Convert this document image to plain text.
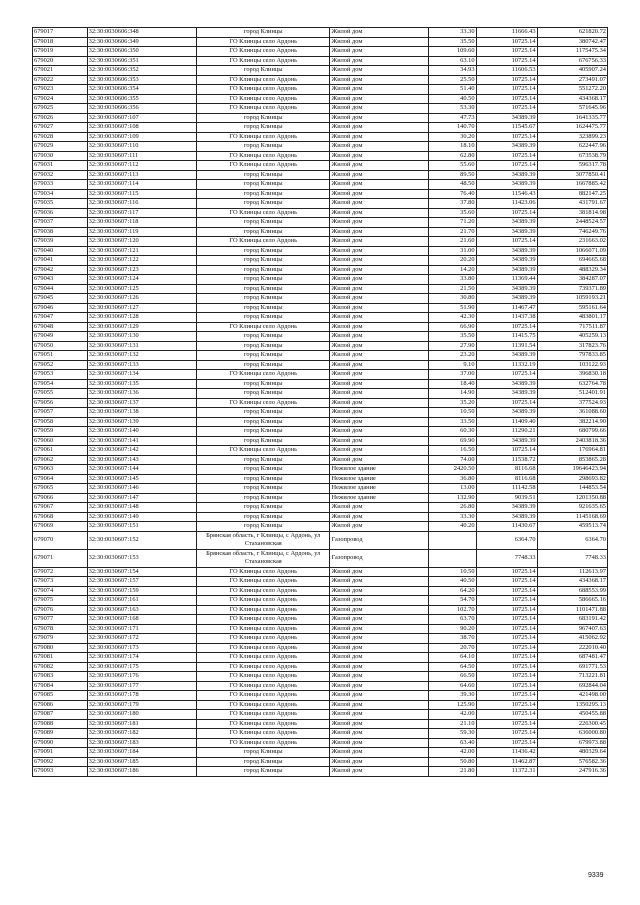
679017	32:30:0030606:348	город Клинцы	Жилой дом	33.30	11666.43	621820.72
679018	32:30:0030606:349	ГО Клинцы село Ардонь	Жилой дом	35.50	10725.14	380742.47
679019	32:30:0030606:350	ГО Клинцы село Ардонь	Жилой дом	109.60	10725.14	1175475.34
679020	32:30:0030606:351	ГО Клинцы село Ардонь	Жилой дом	63.10	10725.14	676756.33
679021	32:30:0030606:352	город Клинцы	Жилой дом	34.93	11606.53	405907.24
679022	32:30:0030606:353	ГО Клинцы село Ардонь	Жилой дом	25.50	10725.14	273491.07
679023	32:30:0030606:354	ГО Клинцы село Ардонь	Жилой дом	51.40	10725.14	551272.20
679024	32:30:0030606:355	ГО Клинцы село Ардонь	Жилой дом	40.50	10725.14	434368.17
679025	32:30:0030606:356	ГО Клинцы село Ардонь	Жилой дом	53.30	10725.14	571645.96
679026	32:30:0030607:107	город Клинцы	Жилой дом	47.73	34389.39	1641335.77
679027	32:30:0030607:108	город Клинцы	Жилой дом	140.70	11545.67	1624475.77
679028	32:30:0030607:109	ГО Клинцы село Ардонь	Жилой дом	30.20	10725.14	323899.23
679029	32:30:0030607:110	город Клинцы	Жилой дом	18.10	34389.39	622447.96
679030	32:30:0030607:111	ГО Клинцы село Ардонь	Жилой дом	62.80	10725.14	673538.79
679031	32:30:0030607:112	ГО Клинцы село Ардонь	Жилой дом	55.60	10725.14	596317.78
679032	32:30:0030607:113	город Клинцы	Жилой дом	89.50	34389.39	3077850.41
679033	32:30:0030607:114	город Клинцы	Жилой дом	48.50	34389.39	1667885.42
679034	32:30:0030607:115	город Клинцы	Жилой дом	76.40	11546.43	882147.25
679035	32:30:0030607:116	город Клинцы	Жилой дом	37.80	11423.06	431791.67
679036	32:30:0030607:117	ГО Клинцы село Ардонь	Жилой дом	35.60	10725.14	381814.98
679037	32:30:0030607:118	город Клинцы	Жилой дом	71.20	34389.39	2448524.57
679038	32:30:0030607:119	город Клинцы	Жилой дом	21.70	34389.39	746249.76
679039	32:30:0030607:120	ГО Клинцы село Ардонь	Жилой дом	21.60	10725.14	231663.02
679040	32:30:0030607:121	город Клинцы	Жилой дом	31.00	34389.39	1066071.09
679041	32:30:0030607:122	город Клинцы	Жилой дом	20.20	34389.39	694665.68
679042	32:30:0030607:123	город Клинцы	Жилой дом	14.20	34389.39	488329.34
679043	32:30:0030607:124	город Клинцы	Жилой дом	33.80	11369.44	384287.07
679044	32:30:0030607:125	город Клинцы	Жилой дом	21.50	34389.39	739371.89
679045	32:30:0030607:126	город Клинцы	Жилой дом	30.80	34389.39	1059193.21
679046	32:30:0030607:127	город Клинцы	Жилой дом	51.90	11467.47	595161.64
679047	32:30:0030607:128	город Клинцы	Жилой дом	42.30	11437.38	483801.17
679048	32:30:0030607:129	ГО Клинцы село Ардонь	Жилой дом	66.90	10725.14	717511.87
679049	32:30:0030607:130	город Клинцы	Жилой дом	35.50	11415.75	405259.13
679050	32:30:0030607:131	город Клинцы	Жилой дом	27.90	11391.54	317823.76
679051	32:30:0030607:132	город Клинцы	Жилой дом	23.20	34389.39	797833.85
679052	32:30:0030607:133	город Клинцы	Жилой дом	9.10	11332.19	103122.93
679053	32:30:0030607:134	ГО Клинцы село Ардонь	Жилой дом	37.00	10725.14	396830.18
679054	32:30:0030607:135	город Клинцы	Жилой дом	18.40	34389.39	632764.78
679055	32:30:0030607:136	город Клинцы	Жилой дом	14.90	34389.39	512401.91
679056	32:30:0030607:137	ГО Клинцы село Ардонь	Жилой дом	35.20	10725.14	377524.93
679057	32:30:0030607:138	город Клинцы	Жилой дом	10.50	34389.39	361088.60
679058	32:30:0030607:139	город Клинцы	Жилой дом	33.50	11409.40	382214.90
679059	32:30:0030607:140	город Клинцы	Жилой дом	60.30	11290.21	680799.66
679060	32:30:0030607:141	город Клинцы	Жилой дом	69.90	34389.39	2403818.36
679061	32:30:0030607:142	ГО Клинцы село Ардонь	Жилой дом	16.50	10725.14	176964.81
679062	32:30:0030607:143	город Клинцы	Жилой дом	74.00	11538.72	853865.28
679063	32:30:0030607:144	город Клинцы	Нежилое здание	2420.50	8116.68	19646423.94
679064	32:30:0030607:145	город Клинцы	Нежилое здание	36.80	8116.68	298693.82
679065	32:30:0030607:146	город Клинцы	Нежилое здание	13.00	11142.58	144853.54
679066	32:30:0030607:147	город Клинцы	Нежилое здание	132.90	9039.51	1201350.88
679067	32:30:0030607:148	город Клинцы	Жилой дом	26.80	34389.39	921635.65
679068	32:30:0030607:149	город Клинцы	Жилой дом	33.30	34389.39	1145168.69
679069	32:30:0030607:151	город Клинцы	Жилой дом	40.20	11430.67	459513.74
679070	32:30:0030607:152	Брянская область, г Клинцы, с Ардонь, ул Стахановская	Газопровод		6364.70	6364.70
679071	32:30:0030607:153	Брянская область, г Клинцы, с Ардонь, ул Стахановская	Газопровод		7748.33	7748.33
679072	32:30:0030607:154	ГО Клинцы село Ардонь	Жилой дом	10.50	10725.14	112613.97
679073	32:30:0030607:157	ГО Клинцы село Ардонь	Жилой дом	40.50	10725.14	434368.17
679074	32:30:0030607:159	ГО Клинцы село Ардонь	Жилой дом	64.20	10725.14	688553.99
679075	32:30:0030607:161	ГО Клинцы село Ардонь	Жилой дом	54.70	10725.14	586665.16
679076	32:30:0030607:163	ГО Клинцы село Ардонь	Жилой дом	102.70	10725.14	1101471.88
679077	32:30:0030607:168	ГО Клинцы село Ардонь	Жилой дом	63.70	10725.14	683191.42
679078	32:30:0030607:171	ГО Клинцы село Ардонь	Жилой дом	90.20	10725.14	967407.63
679079	32:30:0030607:172	ГО Клинцы село Ардонь	Жилой дом	38.70	10725.14	415062.92
679080	32:30:0030607:173	ГО Клинцы село Ардонь	Жилой дом	20.70	10725.14	222010.40
679081	32:30:0030607:174	ГО Клинцы село Ардонь	Жилой дом	64.10	10725.14	687481.47
679082	32:30:0030607:175	ГО Клинцы село Ардонь	Жилой дом	64.50	10725.14	691771.53
679083	32:30:0030607:176	ГО Клинцы село Ардонь	Жилой дом	66.50	10725.14	713221.81
679084	32:30:0030607:177	ГО Клинцы село Ардонь	Жилой дом	64.60	10725.14	692844.04
679085	32:30:0030607:178	ГО Клинцы село Ардонь	Жилой дом	39.30	10725.14	421498.00
679086	32:30:0030607:179	ГО Клинцы село Ардонь	Жилой дом	125.90	10725.14	1350295.13
679087	32:30:0030607:180	ГО Клинцы село Ардонь	Жилой дом	42.00	10725.14	450455.88
679088	32:30:0030607:181	ГО Клинцы село Ардонь	Жилой дом	21.10	10725.14	226300.45
679089	32:30:0030607:182	ГО Клинцы село Ардонь	Жилой дом	59.30	10725.14	636000.80
679090	32:30:0030607:183	ГО Клинцы село Ардонь	Жилой дом	63.40	10725.14	679973.88
679091	32:30:0030607:184	город Клинцы	Жилой дом	42.00	11436.42	480329.64
679092	32:30:0030607:185	город Клинцы	Жилой дом	50.80	11462.87	576582.36
679093	32:30:0030607:186	город Клинцы	Жилой дом	21.80	11372.31	247916.36
9339
